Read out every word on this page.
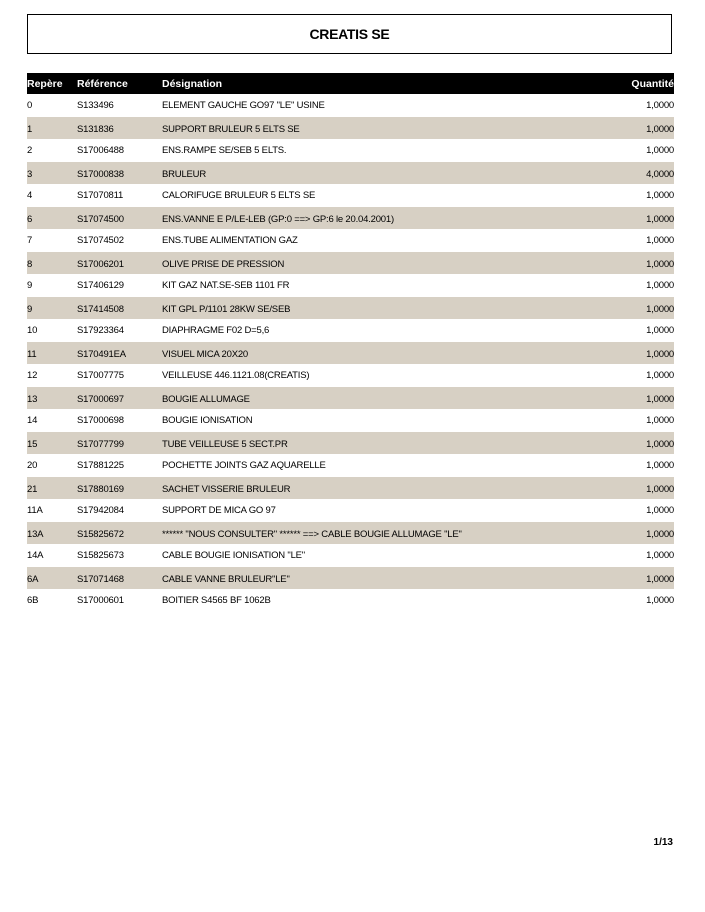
CREATIS SE
Repère	Référence	Désignation	Quantité
0	S133496	ELEMENT GAUCHE GO97 "LE" USINE	1,0000
1	S131836	SUPPORT BRULEUR 5 ELTS SE	1,0000
2	S17006488	ENS.RAMPE SE/SEB 5 ELTS.	1,0000
3	S17000838	BRULEUR	4,0000
4	S17070811	CALORIFUGE BRULEUR 5 ELTS SE	1,0000
6	S17074500	ENS.VANNE E P/LE-LEB (GP:0 ==> GP:6 le 20.04.2001)	1,0000
7	S17074502	ENS.TUBE ALIMENTATION GAZ	1,0000
8	S17006201	OLIVE PRISE DE PRESSION	1,0000
9	S17406129	KIT GAZ NAT.SE-SEB 1101 FR	1,0000
9	S17414508	KIT GPL P/1101 28KW SE/SEB	1,0000
10	S17923364	DIAPHRAGME F02 D=5,6	1,0000
11	S170491EA	VISUEL MICA 20X20	1,0000
12	S17007775	VEILLEUSE 446.1121.08(CREATIS)	1,0000
13	S17000697	BOUGIE ALLUMAGE	1,0000
14	S17000698	BOUGIE IONISATION	1,0000
15	S17077799	TUBE VEILLEUSE 5 SECT.PR	1,0000
20	S17881225	POCHETTE JOINTS GAZ AQUARELLE	1,0000
21	S17880169	SACHET VISSERIE BRULEUR	1,0000
11A	S17942084	SUPPORT DE MICA GO 97	1,0000
13A	S15825672	****** "NOUS CONSULTER" ****** ==> CABLE BOUGIE ALLUMAGE "LE"	1,0000
14A	S15825673	CABLE BOUGIE IONISATION "LE"	1,0000
6A	S17071468	CABLE VANNE BRULEUR"LE"	1,0000
6B	S17000601	BOITIER S4565 BF 1062B	1,0000
1/13
